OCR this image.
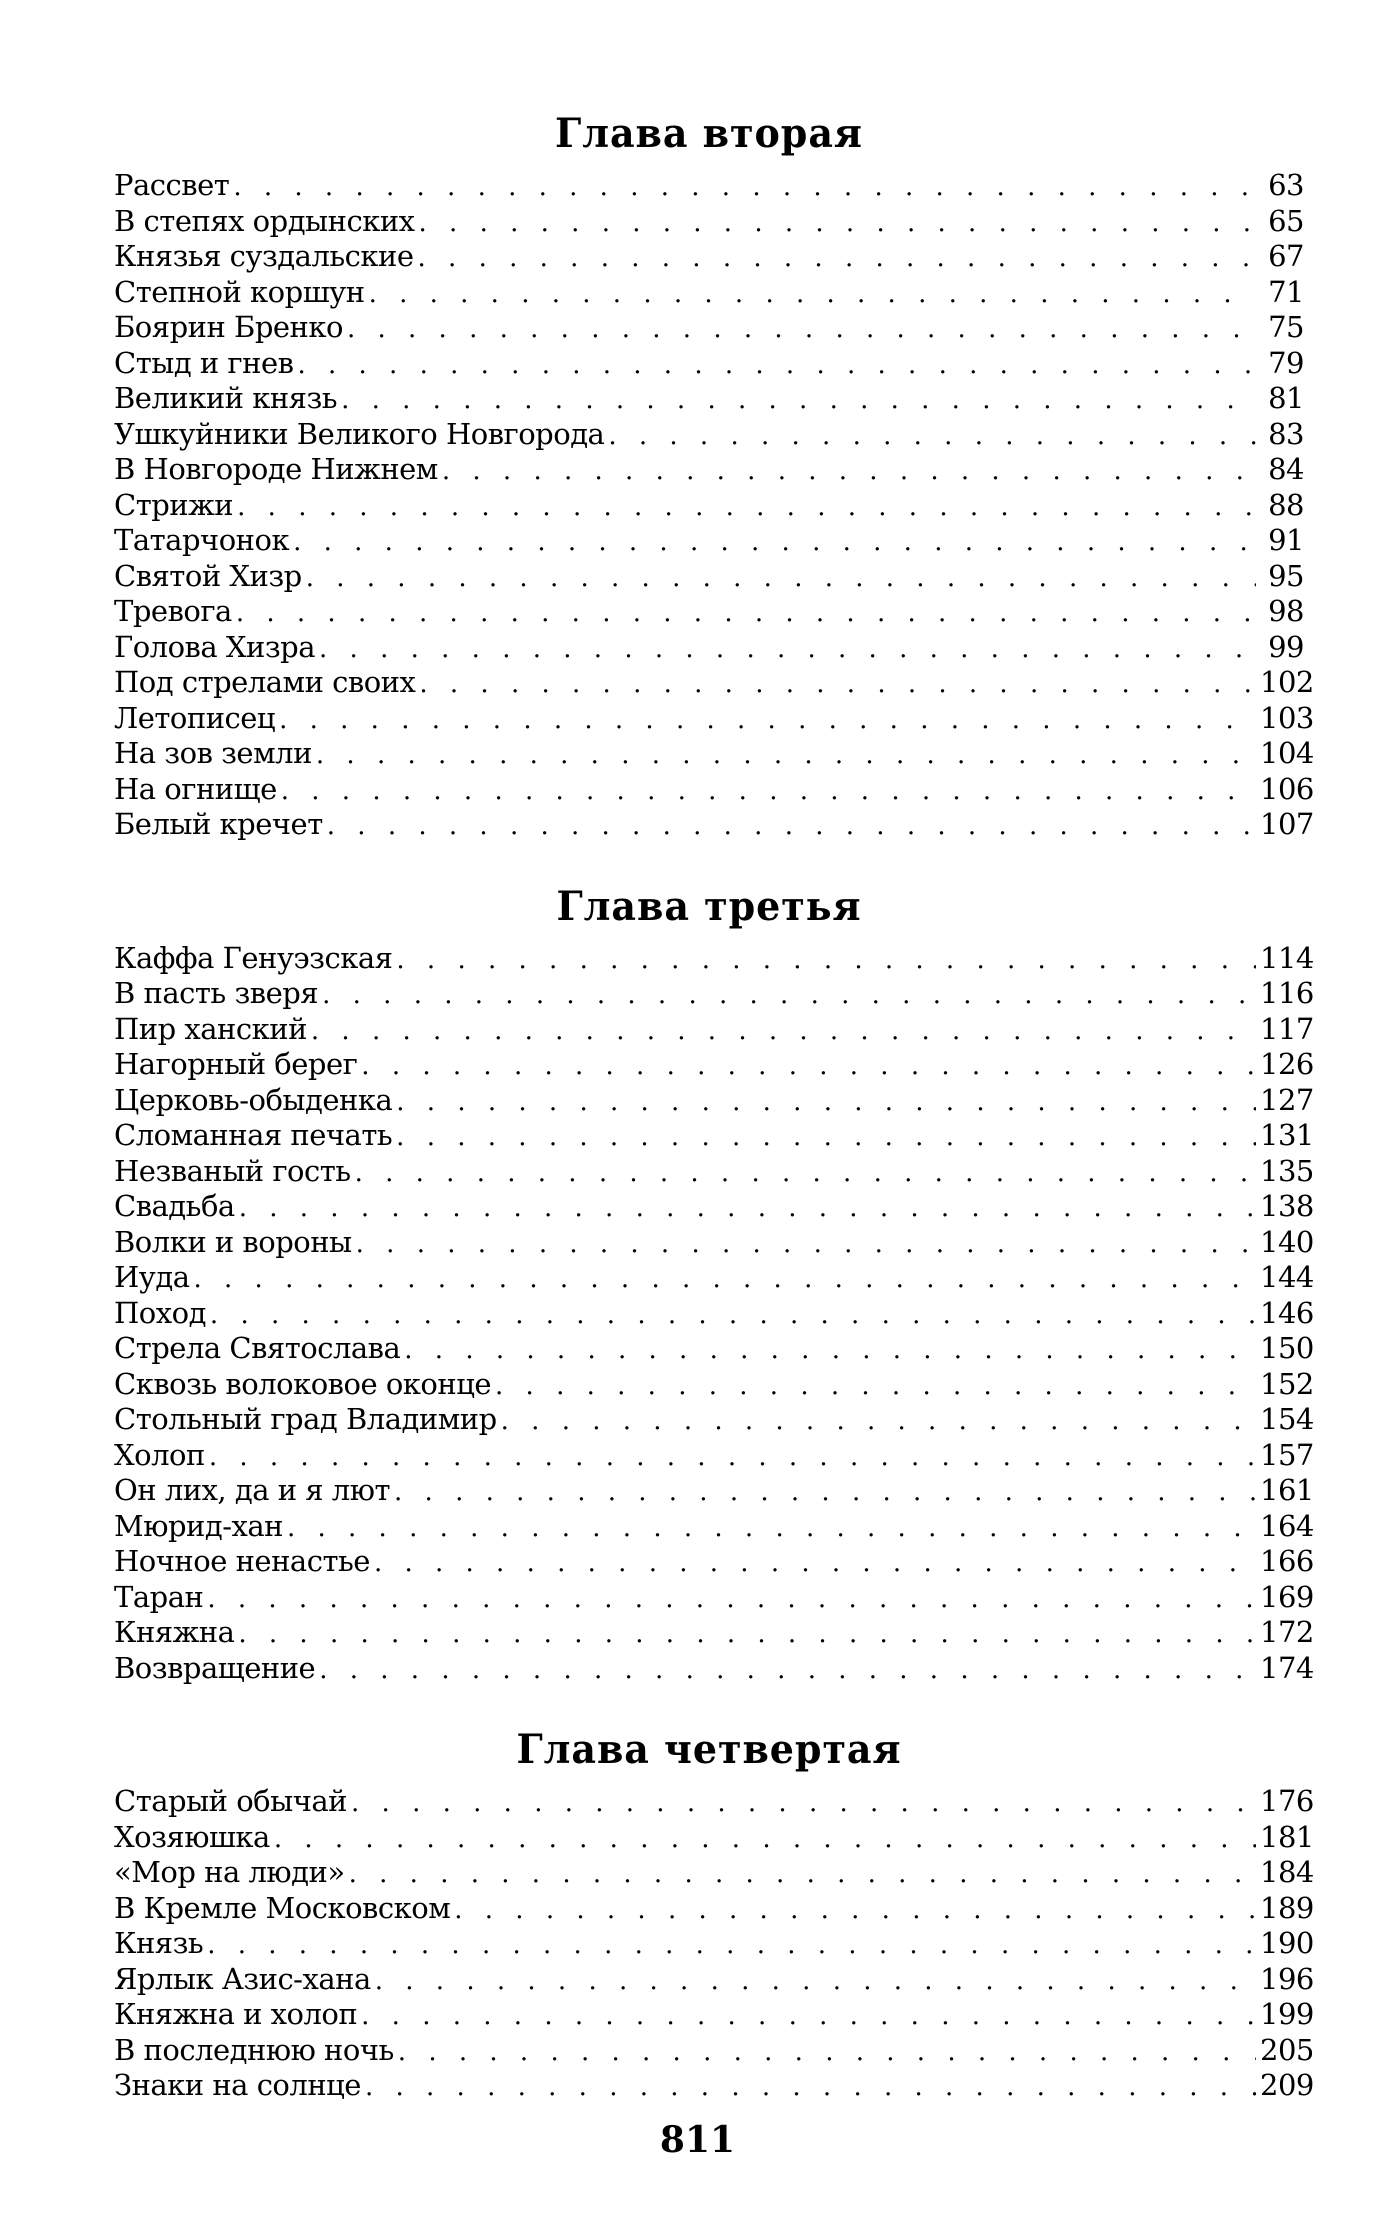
Глава вторая
Рассвет . . .	63
В степях ордынских . . .	65
Князья суздальские . . .	67
Степной коршун . . .	71
Боярин Бренко . . .	75
Стыд и гнев . . .	79
Великий князь . . .	81
Ушкуйники Великого Новгорода . . .	83
В Новгороде Нижнем . . .	84
Стрижи . . .	88
Татарчонок . . .	91
Святой Хизр . . .	95
Тревога . . .	98
Голова Хизра . . .	99
Под стрелами своих . . .	102
Летописец . . .	103
На зов земли . . .	104
На огнище . . .	106
Белый кречет . . .	107
Глава третья
Каффа Генуэзская . . .	114
В пасть зверя . . .	116
Пир ханский . . .	117
Нагорный берег . . .	126
Церковь-обыденка . . .	127
Сломанная печать . . .	131
Незваный гость . . .	135
Свадьба . . .	138
Волки и вороны . . .	140
Иуда . . .	144
Поход . . .	146
Стрела Святослава . . .	150
Сквозь волоковое оконце . . .	152
Стольный град Владимир . . .	154
Холоп . . .	157
Он лих, да и я лют . . .	161
Мюрид-хан . . .	164
Ночное ненастье . . .	166
Таран . . .	169
Княжна . . .	172
Возвращение . . .	174
Глава четвертая
Старый обычай . . .	176
Хозяюшка . . .	181
«Мор на люди» . . .	184
В Кремле Московском . . .	189
Князь . . .	190
Ярлык Азис-хана . . .	196
Княжна и холоп . . .	199
В последнюю ночь . . .	205
Знаки на солнце . . .	209
811
